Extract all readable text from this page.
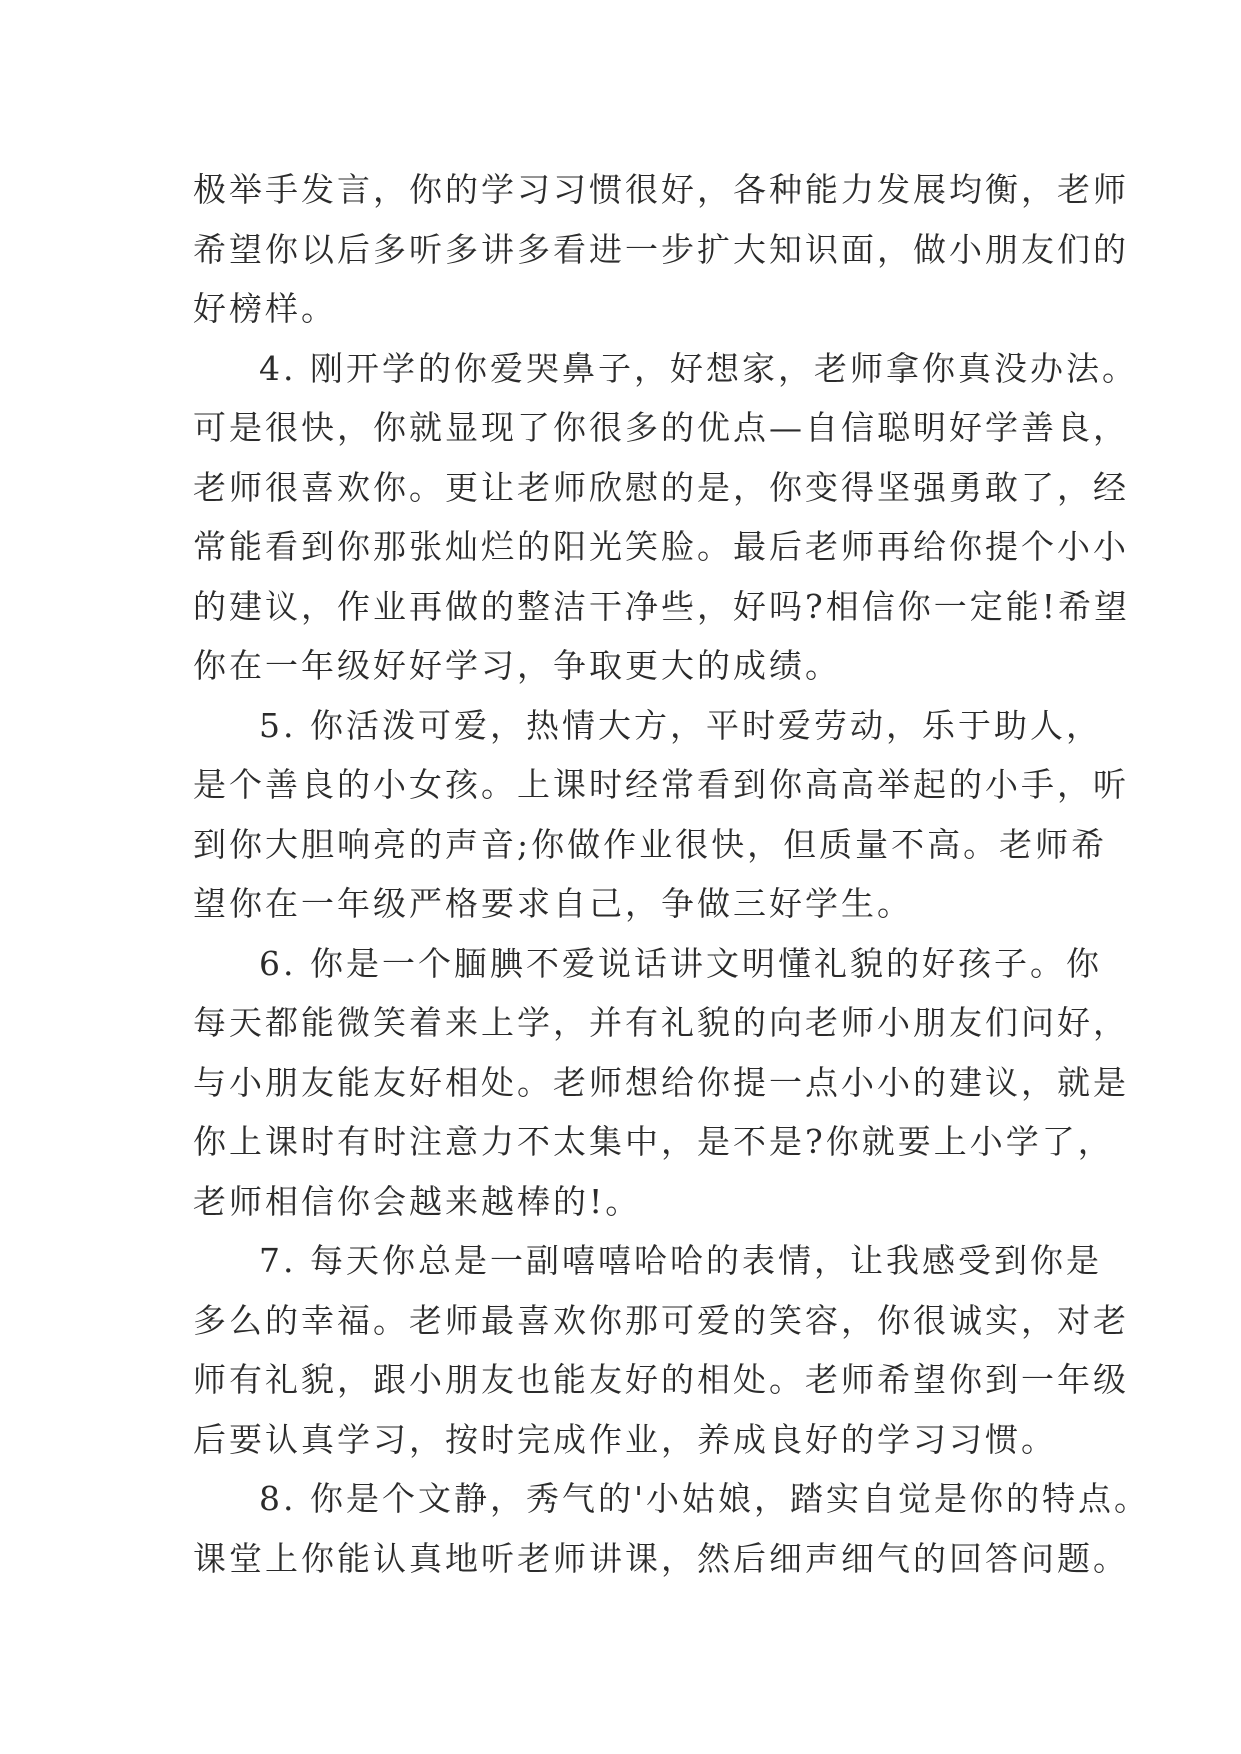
极举手发言，你的学习习惯很好，各种能力发展均衡，老师
希望你以后多听多讲多看进一步扩大知识面，做小朋友们的
好榜样。
4. 刚开学的你爱哭鼻子，好想家，老师拿你真没办法。
可是很快，你就显现了你很多的优点—自信聪明好学善良，
老师很喜欢你。更让老师欣慰的是，你变得坚强勇敢了，经
常能看到你那张灿烂的阳光笑脸。最后老师再给你提个小小
的建议，作业再做的整洁干净些，好吗?相信你一定能!希望
你在一年级好好学习，争取更大的成绩。
5. 你活泼可爱，热情大方，平时爱劳动，乐于助人，
是个善良的小女孩。上课时经常看到你高高举起的小手，听
到你大胆响亮的声音;你做作业很快，但质量不高。老师希
望你在一年级严格要求自己，争做三好学生。
6. 你是一个腼腆不爱说话讲文明懂礼貌的好孩子。你
每天都能微笑着来上学，并有礼貌的向老师小朋友们问好，
与小朋友能友好相处。老师想给你提一点小小的建议，就是
你上课时有时注意力不太集中，是不是?你就要上小学了，
老师相信你会越来越棒的!。
7. 每天你总是一副嘻嘻哈哈的表情，让我感受到你是
多么的幸福。老师最喜欢你那可爱的笑容，你很诚实，对老
师有礼貌，跟小朋友也能友好的相处。老师希望你到一年级
后要认真学习，按时完成作业，养成良好的学习习惯。
8. 你是个文静，秀气的'小姑娘，踏实自觉是你的特点。
课堂上你能认真地听老师讲课，然后细声细气的回答问题。
